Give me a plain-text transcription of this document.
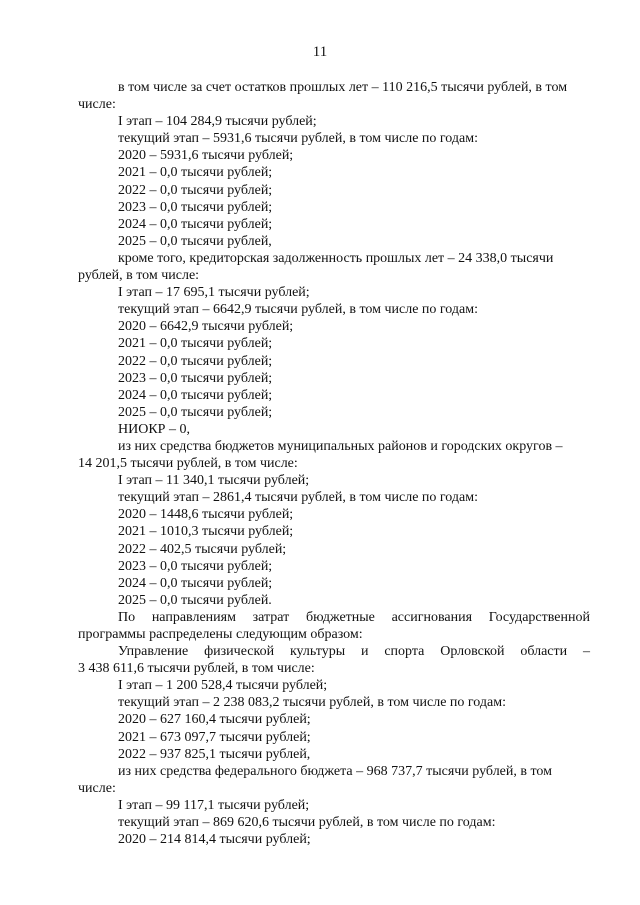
11
в том числе за счет остатков прошлых лет – 110 216,5 тысячи рублей, в том
числе:
I этап – 104 284,9 тысячи рублей;
текущий этап – 5931,6 тысячи рублей, в том числе по годам:
2020 – 5931,6 тысячи рублей;
2021 – 0,0 тысячи рублей;
2022 – 0,0 тысячи рублей;
2023 – 0,0 тысячи рублей;
2024 – 0,0 тысячи рублей;
2025 – 0,0 тысячи рублей,
кроме того, кредиторская задолженность прошлых лет – 24 338,0 тысячи
рублей, в том числе:
I этап – 17 695,1 тысячи рублей;
текущий этап – 6642,9 тысячи рублей, в том числе по годам:
2020 – 6642,9 тысячи рублей;
2021 – 0,0 тысячи рублей;
2022 – 0,0 тысячи рублей;
2023 – 0,0 тысячи рублей;
2024 – 0,0 тысячи рублей;
2025 – 0,0 тысячи рублей;
НИОКР – 0,
из них средства бюджетов муниципальных районов и городских округов –
14 201,5 тысячи рублей, в том числе:
I этап – 11 340,1 тысячи рублей;
текущий этап – 2861,4 тысячи рублей, в том числе по годам:
2020 – 1448,6 тысячи рублей;
2021 – 1010,3 тысячи рублей;
2022 – 402,5 тысячи рублей;
2023 – 0,0 тысячи рублей;
2024 – 0,0 тысячи рублей;
2025 – 0,0 тысячи рублей.
По направлениям затрат бюджетные ассигнования Государственной
программы распределены следующим образом:
Управление физической культуры и спорта Орловской области –
3 438 611,6 тысячи рублей, в том числе:
I этап – 1 200 528,4 тысячи рублей;
текущий этап – 2 238 083,2 тысячи рублей, в том числе по годам:
2020 – 627 160,4 тысячи рублей;
2021 – 673 097,7 тысячи рублей;
2022 – 937 825,1 тысячи рублей,
из них средства федерального бюджета – 968 737,7 тысячи рублей, в том
числе:
I этап – 99 117,1 тысячи рублей;
текущий этап – 869 620,6 тысячи рублей, в том числе по годам:
2020 – 214 814,4 тысячи рублей;
